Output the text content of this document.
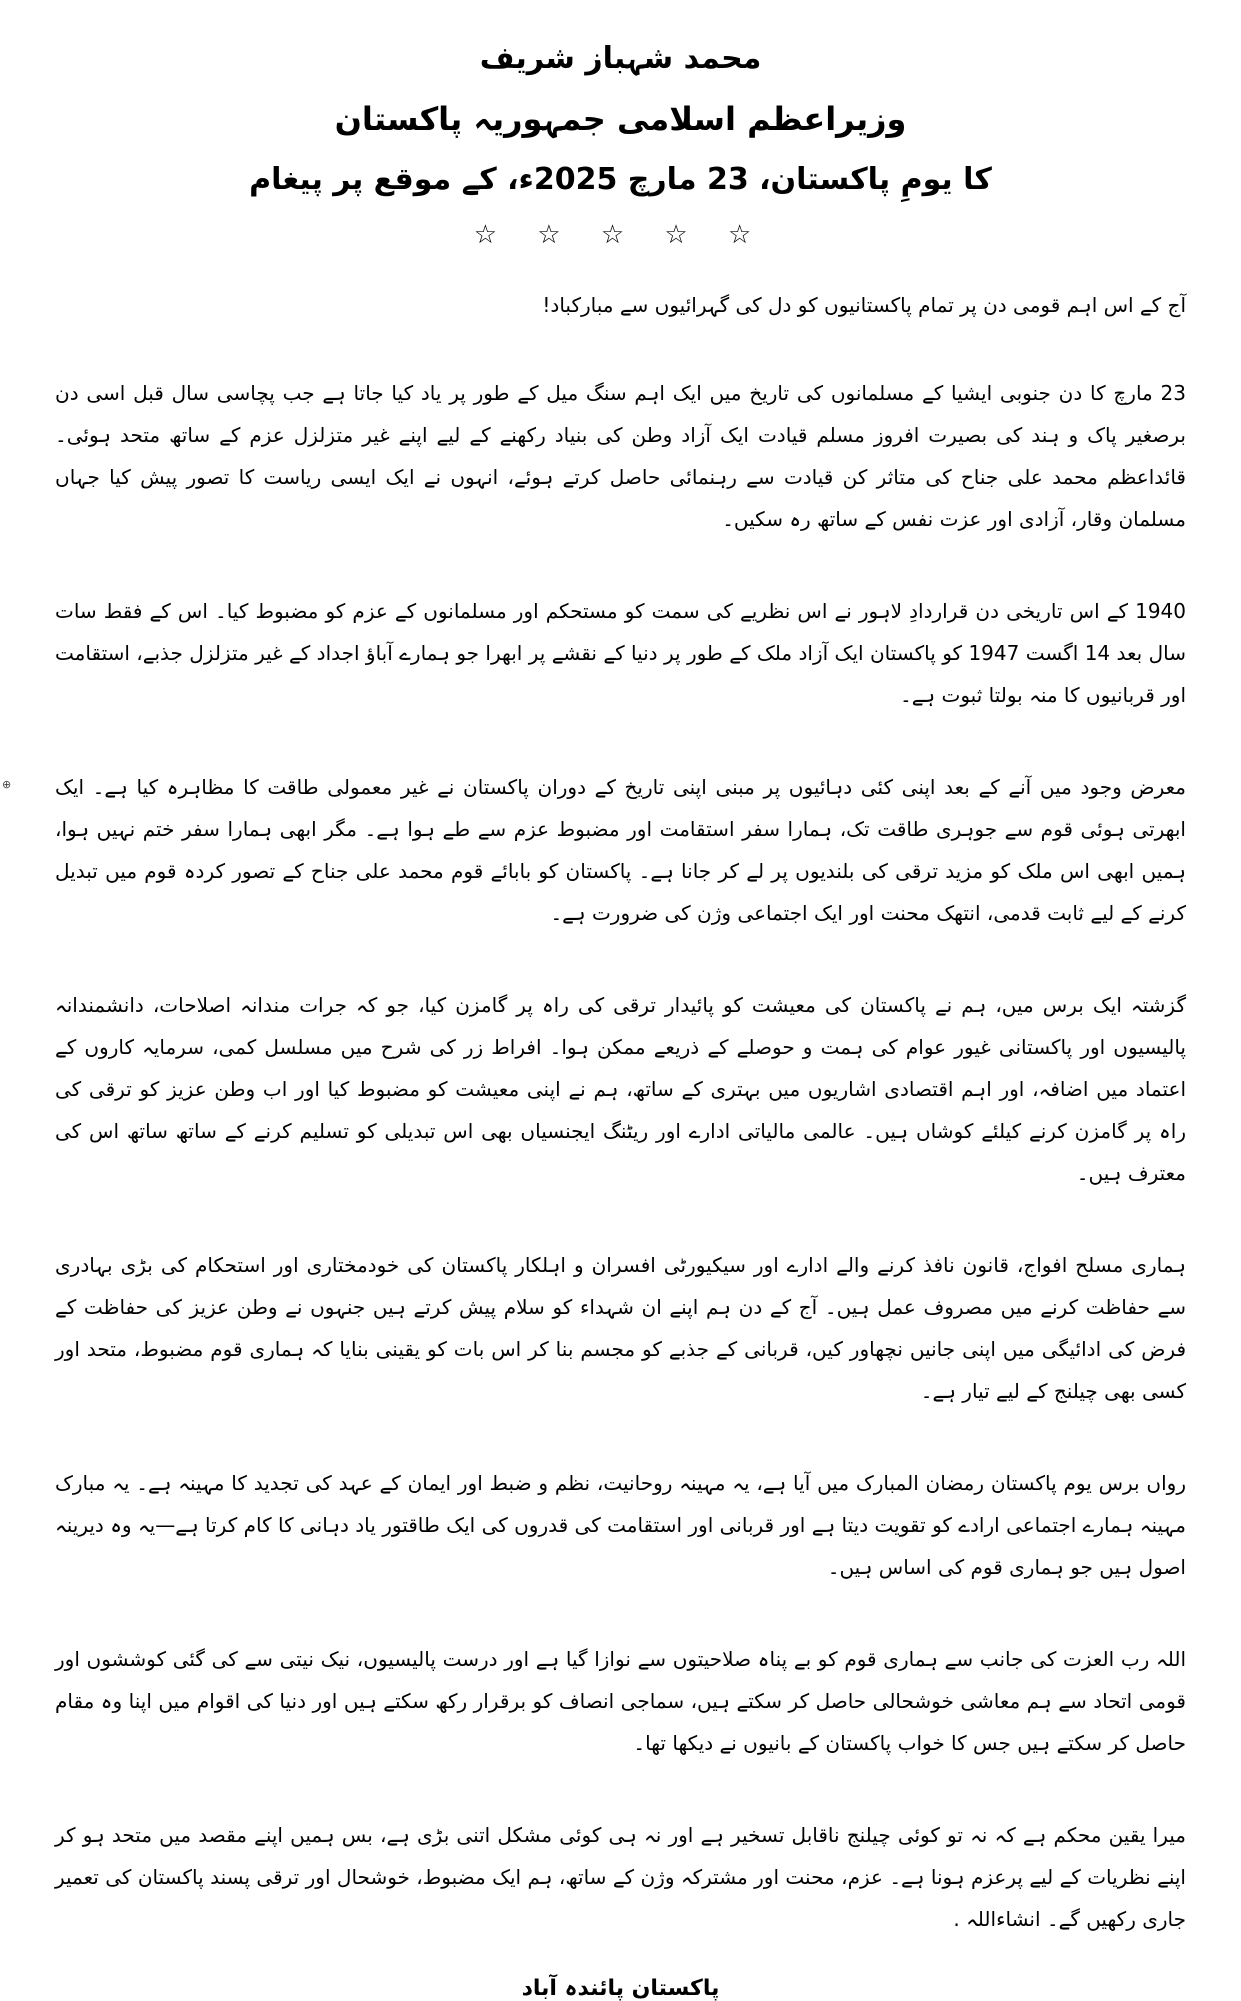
محمد شہباز شریف
وزیراعظم اسلامی جمہوریہ پاکستان
کا یومِ پاکستان، 23 مارچ 2025ء، کے موقع پر پیغام
☆ ☆ ☆ ☆ ☆

آج کے اس اہم قومی دن پر تمام پاکستانیوں کو دل کی گہرائیوں سے مبارکباد!

23 مارچ کا دن جنوبی ایشیا کے مسلمانوں کی تاریخ میں ایک اہم سنگ میل کے طور پر یاد کیا جاتا ہے جب پچاسی سال قبل اسی دن برصغیر پاک و ہند کی بصیرت افروز مسلم قیادت ایک آزاد وطن کی بنیاد رکھنے کے لیے اپنے غیر متزلزل عزم کے ساتھ متحد ہوئی۔ قائداعظم محمد علی جناح کی متاثر کن قیادت سے رہنمائی حاصل کرتے ہوئے، انہوں نے ایک ایسی ریاست کا تصور پیش کیا جہاں مسلمان وقار، آزادی اور عزت نفس کے ساتھ رہ سکیں۔

1940 کے اس تاریخی دن قراردادِ لاہور نے اس نظریے کی سمت کو مستحکم اور مسلمانوں کے عزم کو مضبوط کیا۔ اس کے فقط سات سال بعد 14 اگست 1947 کو پاکستان ایک آزاد ملک کے طور پر دنیا کے نقشے پر ابھرا جو ہمارے آباؤ اجداد کے غیر متزلزل جذبے، استقامت اور قربانیوں کا منہ بولتا ثبوت ہے۔

معرض وجود میں آنے کے بعد اپنی کئی دہائیوں پر مبنی اپنی تاریخ کے دوران پاکستان نے غیر معمولی طاقت کا مظاہرہ کیا ہے۔ ایک ابھرتی ہوئی قوم سے جوہری طاقت تک، ہمارا سفر استقامت اور مضبوط عزم سے طے ہوا ہے۔ مگر ابھی ہمارا سفر ختم نہیں ہوا، ہمیں ابھی اس ملک کو مزید ترقی کی بلندیوں پر لے کر جانا ہے۔ پاکستان کو بابائے قوم محمد علی جناح کے تصور کردہ قوم میں تبدیل کرنے کے لیے ثابت قدمی، انتھک محنت اور ایک اجتماعی وژن کی ضرورت ہے۔

گزشتہ ایک برس میں، ہم نے پاکستان کی معیشت کو پائیدار ترقی کی راہ پر گامزن کیا، جو کہ جرات مندانہ اصلاحات، دانشمندانہ پالیسیوں اور پاکستانی غیور عوام کی ہمت و حوصلے کے ذریعے ممکن ہوا۔ افراط زر کی شرح میں مسلسل کمی، سرمایہ کاروں کے اعتماد میں اضافہ، اور اہم اقتصادی اشاریوں میں بہتری کے ساتھ، ہم نے اپنی معیشت کو مضبوط کیا اور اب وطن عزیز کو ترقی کی راہ پر گامزن کرنے کیلئے کوشاں ہیں۔ عالمی مالیاتی ادارے اور ریٹنگ ایجنسیاں بھی اس تبدیلی کو تسلیم کرنے کے ساتھ ساتھ اس کی معترف ہیں۔

ہماری مسلح افواج، قانون نافذ کرنے والے ادارے اور سیکیورٹی افسران و اہلکار پاکستان کی خودمختاری اور استحکام کی بڑی بہادری سے حفاظت کرنے میں مصروف عمل ہیں۔ آج کے دن ہم اپنے ان شہداء کو سلام پیش کرتے ہیں جنہوں نے وطن عزیز کی حفاظت کے فرض کی ادائیگی میں اپنی جانیں نچھاور کیں، قربانی کے جذبے کو مجسم بنا کر اس بات کو یقینی بنایا کہ ہماری قوم مضبوط، متحد اور کسی بھی چیلنج کے لیے تیار ہے۔

رواں برس یوم پاکستان رمضان المبارک میں آیا ہے، یہ مہینہ روحانیت، نظم و ضبط اور ایمان کے عہد کی تجدید کا مہینہ ہے۔ یہ مبارک مہینہ ہمارے اجتماعی ارادے کو تقویت دیتا ہے اور قربانی اور استقامت کی قدروں کی ایک طاقتور یاد دہانی کا کام کرتا ہے—یہ وہ دیرینہ اصول ہیں جو ہماری قوم کی اساس ہیں۔

اللہ رب العزت کی جانب سے ہماری قوم کو بے پناہ صلاحیتوں سے نوازا گیا ہے اور درست پالیسیوں، نیک نیتی سے کی گئی کوششوں اور قومی اتحاد سے ہم معاشی خوشحالی حاصل کر سکتے ہیں، سماجی انصاف کو برقرار رکھ سکتے ہیں اور دنیا کی اقوام میں اپنا وہ مقام حاصل کر سکتے ہیں جس کا خواب پاکستان کے بانیوں نے دیکھا تھا۔

میرا یقین محکم ہے کہ نہ تو کوئی چیلنج ناقابل تسخیر ہے اور نہ ہی کوئی مشکل اتنی بڑی ہے، بس ہمیں اپنے مقصد میں متحد ہو کر اپنے نظریات کے لیے پرعزم ہونا ہے۔ عزم، محنت اور مشترکہ وژن کے ساتھ، ہم ایک مضبوط، خوشحال اور ترقی پسند پاکستان کی تعمیر جاری رکھیں گے۔ انشاءاللہ .

پاکستان پائندہ آباد
⊕
